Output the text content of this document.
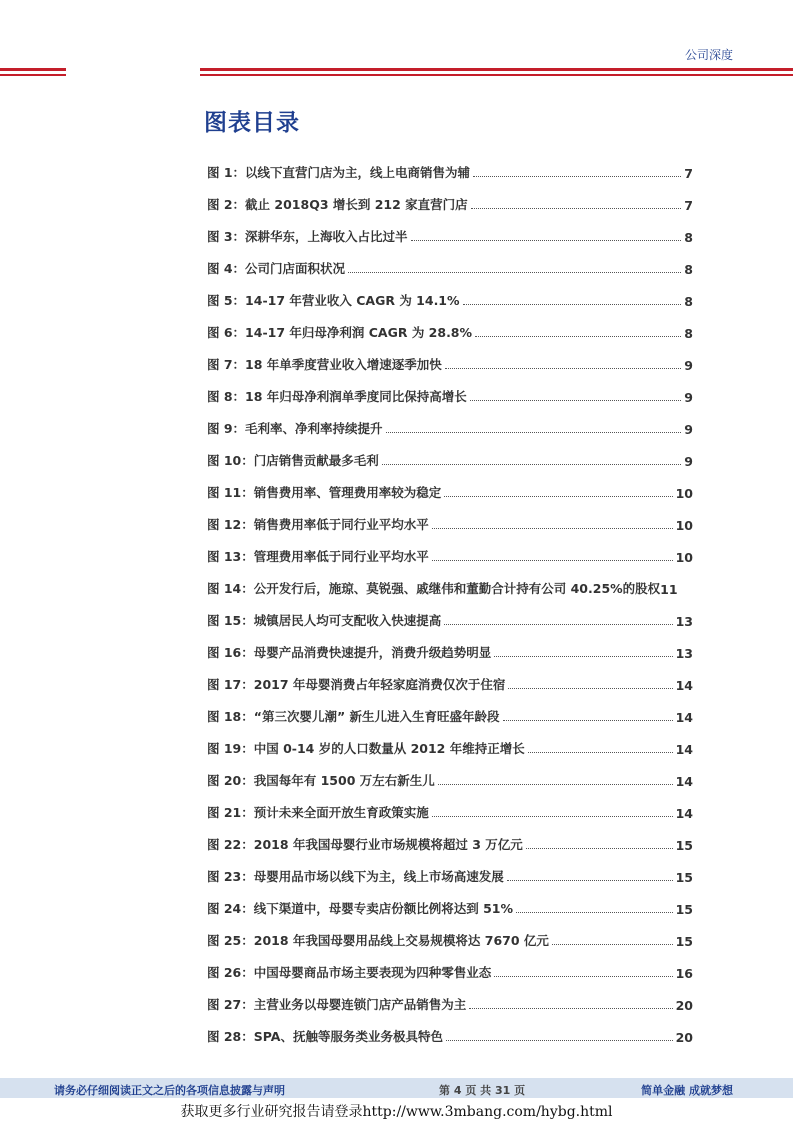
公司深度
图表目录
图 1：以线下直营门店为主，线上电商销售为辅	7
图 2：截止 2018Q3 增长到 212 家直营门店	7
图 3：深耕华东，上海收入占比过半	8
图 4：公司门店面积状况	8
图 5：14-17 年营业收入 CAGR 为 14.1%	8
图 6：14-17 年归母净利润 CAGR 为 28.8%	8
图 7：18 年单季度营业收入增速逐季加快	9
图 8：18 年归母净利润单季度同比保持高增长	9
图 9：毛利率、净利率持续提升	9
图 10：门店销售贡献最多毛利	9
图 11：销售费用率、管理费用率较为稳定	10
图 12：销售费用率低于同行业平均水平	10
图 13：管理费用率低于同行业平均水平	10
图 14：公开发行后，施琼、莫锐强、戚继伟和董勤合计持有公司 40.25%的股权 11
图 15：城镇居民人均可支配收入快速提高	13
图 16：母婴产品消费快速提升，消费升级趋势明显	13
图 17：2017 年母婴消费占年轻家庭消费仅次于住宿	14
图 18：“第三次婴儿潮” 新生儿进入生育旺盛年龄段	14
图 19：中国 0-14 岁的人口数量从 2012 年维持正增长	14
图 20：我国每年有 1500 万左右新生儿	14
图 21：预计未来全面开放生育政策实施	14
图 22：2018 年我国母婴行业市场规模将超过 3 万亿元	15
图 23：母婴用品市场以线下为主，线上市场高速发展	15
图 24：线下渠道中，母婴专卖店份额比例将达到 51%	15
图 25：2018 年我国母婴用品线上交易规模将达 7670 亿元	15
图 26：中国母婴商品市场主要表现为四种零售业态	16
图 27：主营业务以母婴连锁门店产品销售为主	20
图 28：SPA、抚触等服务类业务极具特色	20
请务必仔细阅读正文之后的各项信息披露与声明	第 4 页 共 31 页	简单金融 成就梦想
获取更多行业研究报告请登录http://www.3mbang.com/hybg.html
